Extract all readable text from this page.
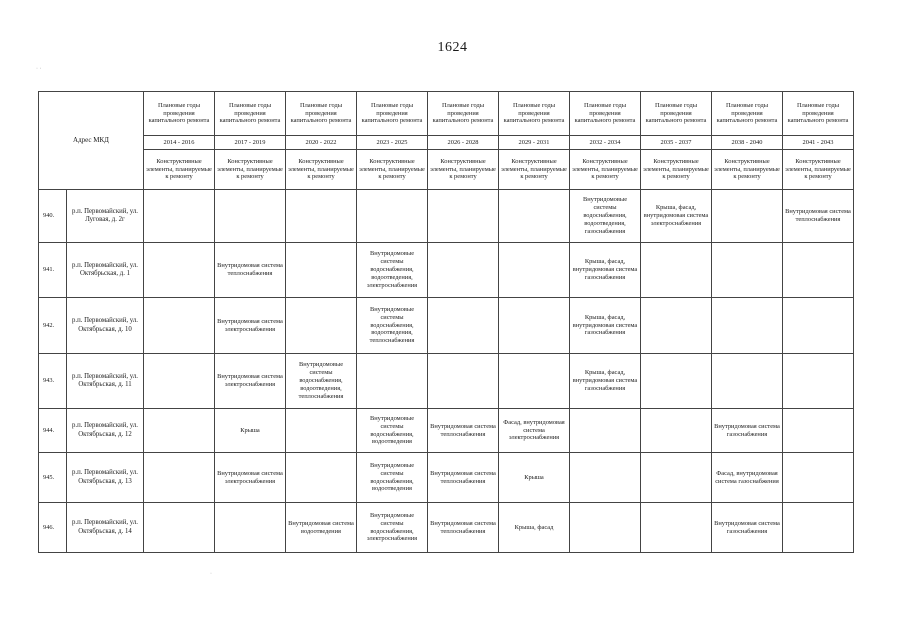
1624
· ·
·
Адрес МКД		Плановые годы проведения капитального ремонта	Плановые годы проведения капитального ремонта	Плановые годы проведения капитального ремонта	Плановые годы проведения капитального ремонта	Плановые годы проведения капитального ремонта	Плановые годы проведения капитального ремонта	Плановые годы проведения капитального ремонта	Плановые годы проведения капитального ремонта	Плановые годы проведения капитального ремонта	Плановые годы проведения капитального ремонта
		2014 - 2016	2017 - 2019	2020 - 2022	2023 - 2025	2026 - 2028	2029 - 2031	2032 - 2034	2035 - 2037	2038 - 2040	2041 - 2043
		Конструктивные элементы, планируемые к ремонту	Конструктивные элементы, планируемые к ремонту	Конструктивные элементы, планируемые к ремонту	Конструктивные элементы, планируемые к ремонту	Конструктивные элементы, планируемые к ремонту	Конструктивные элементы, планируемые к ремонту	Конструктивные элементы, планируемые к ремонту	Конструктивные элементы, планируемые к ремонту	Конструктивные элементы, планируемые к ремонту	Конструктивные элементы, планируемые к ремонту
940.	р.п. Первомайский, ул. Луговая, д. 2г							Внутридомовые системы водоснабжения, водоотведения, газоснабжения	Крыша, фасад, внутридомовая система электроснабжения		Внутридомовая система теплоснабжения
941.	р.п. Первомайский, ул. Октябрьская, д. 1		Внутридомовая система теплоснабжения		Внутридомовые системы водоснабжения, водоотведения, электроснабжения			Крыша, фасад, внутридомовая система газоснабжения			
942.	р.п. Первомайский, ул. Октябрьская, д. 10		Внутридомовая система электроснабжения		Внутридомовые системы водоснабжения, водоотведения, теплоснабжения			Крыша, фасад, внутридомовая система газоснабжения			
943.	р.п. Первомайский, ул. Октябрьская, д. 11		Внутридомовая система электроснабжения	Внутридомовые системы водоснабжения, водоотведения, теплоснабжения				Крыша, фасад, внутридомовая система газоснабжения			
944.	р.п. Первомайский, ул. Октябрьская, д. 12		Крыша		Внутридомовые системы водоснабжения, водоотведения	Внутридомовая система теплоснабжения	Фасад, внутридомовая система электроснабжения			Внутридомовая система газоснабжения	
945.	р.п. Первомайский, ул. Октябрьская, д. 13		Внутридомовая система электроснабжения		Внутридомовые системы водоснабжения, водоотведения	Внутридомовая система теплоснабжения	Крыша			Фасад, внутридомовая система газоснабжения	
946.	р.п. Первомайский, ул. Октябрьская, д. 14			Внутридомовая система водоотведения	Внутридомовые системы водоснабжения, электроснабжения	Внутридомовая система теплоснабжения	Крыша, фасад			Внутридомовая система газоснабжения	
